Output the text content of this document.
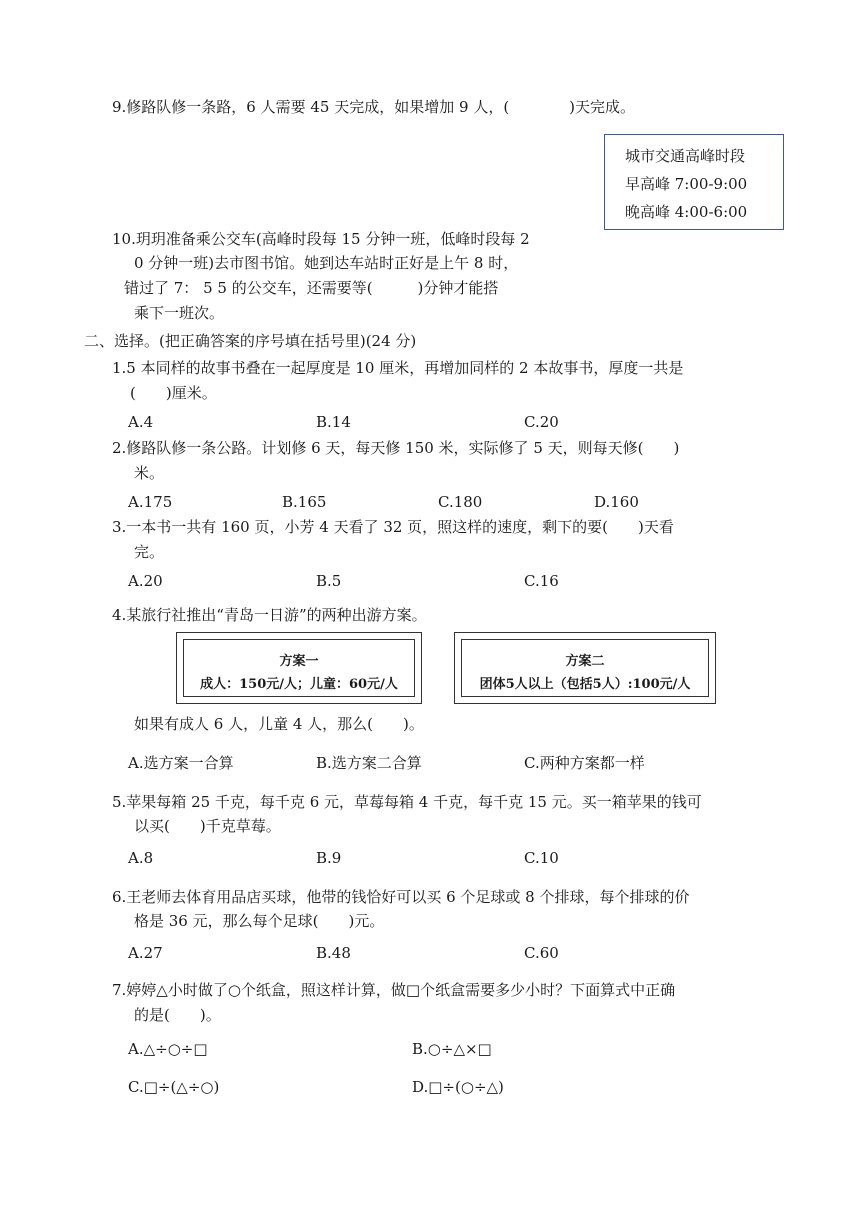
9.修路队修一条路，6 人需要 45 天完成，如果增加 9 人，(　　　　)天完成。
城市交通高峰时段
早高峰 7:00-9:00
晚高峰 4:00-6:00
10.玥玥准备乘公交车(高峰时段每 15 分钟一班，低峰时段每 2
0 分钟一班)去市图书馆。她到达车站时正好是上午 8 时，
错过了 7： 5 5 的公交车，还需要等(　　　)分钟才能搭
乘下一班次。
二、选择。(把正确答案的序号填在括号里)(24 分)
1.5 本同样的故事书叠在一起厚度是 10 厘米，再增加同样的 2 本故事书，厚度一共是
(　　)厘米。
A.4	B.14	C.20
2.修路队修一条公路。计划修 6 天，每天修 150 米，实际修了 5 天，则每天修(　　)
米。
A.175	B.165	C.180	D.160
3.一本书一共有 160 页，小芳 4 天看了 32 页，照这样的速度，剩下的要(　　)天看
完。
A.20	B.5	C.16
4.某旅行社推出“青岛一日游”的两种出游方案。
方案一
成人：150元/人；儿童：60元/人
方案二
团体5人以上（包括5人）:100元/人
如果有成人 6 人，儿童 4 人，那么(　　)。
A.选方案一合算	B.选方案二合算	C.两种方案都一样
5.苹果每箱 25 千克，每千克 6 元，草莓每箱 4 千克，每千克 15 元。买一箱苹果的钱可
以买(　　)千克草莓。
A.8	B.9	C.10
6.王老师去体育用品店买球，他带的钱恰好可以买 6 个足球或 8 个排球，每个排球的价
格是 36 元，那么每个足球(　　)元。
A.27	B.48	C.60
7.婷婷△小时做了○个纸盒，照这样计算，做□个纸盒需要多少小时？下面算式中正确
的是(　　)。
A.△÷○÷□	B.○÷△×□
C.□÷(△÷○)	D.□÷(○÷△)
